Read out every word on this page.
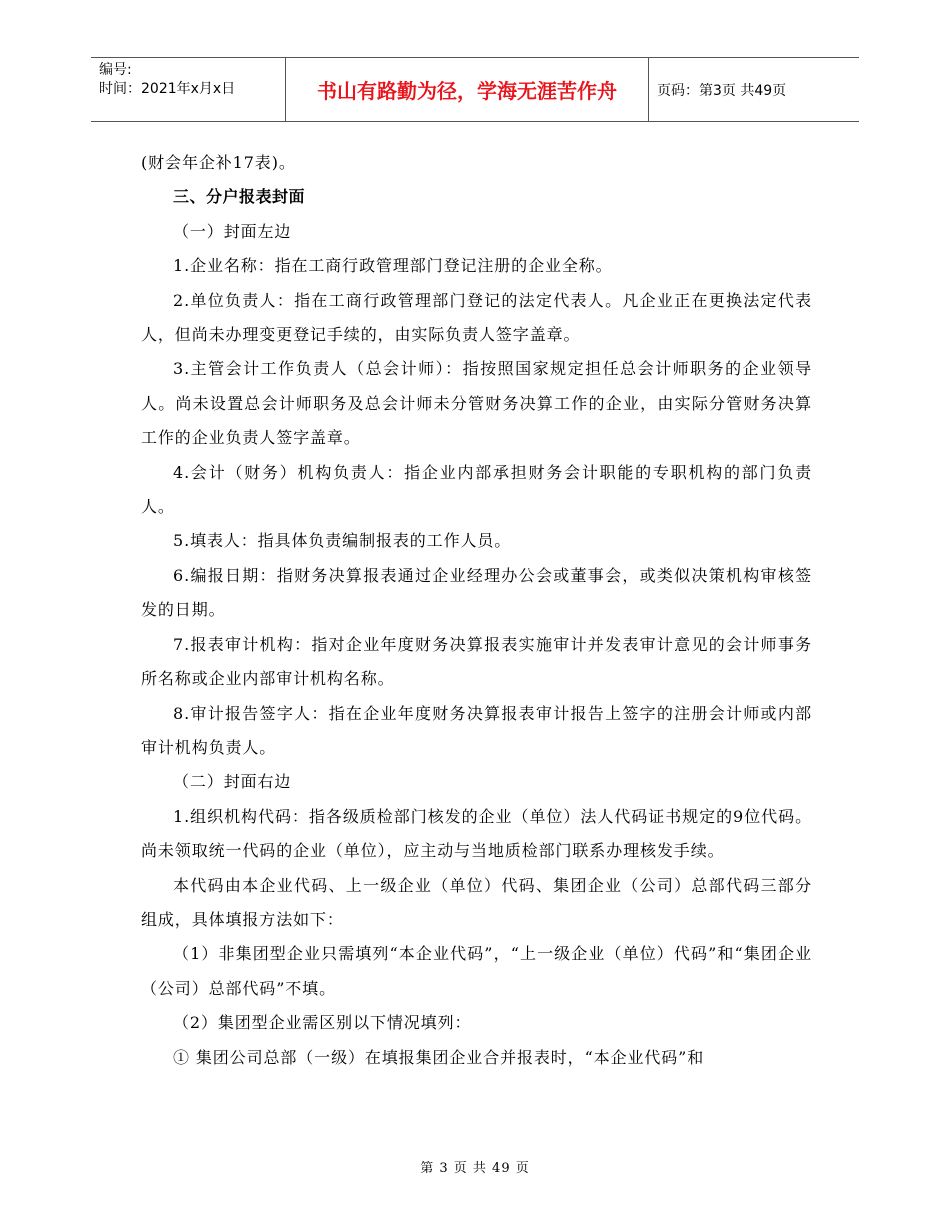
编号:
时间：2021年x月x日	书山有路勤为径，学海无涯苦作舟	页码：第3页 共49页

(财会年企补17表)。

三、分户报表封面

（一）封面左边

1.企业名称：指在工商行政管理部门登记注册的企业全称。

2.单位负责人：指在工商行政管理部门登记的法定代表人。凡企业正在更换法定代表人，但尚未办理变更登记手续的，由实际负责人签字盖章。

3.主管会计工作负责人（总会计师）：指按照国家规定担任总会计师职务的企业领导人。尚未设置总会计师职务及总会计师未分管财务决算工作的企业，由实际分管财务决算工作的企业负责人签字盖章。

4.会计（财务）机构负责人：指企业内部承担财务会计职能的专职机构的部门负责人。

5.填表人：指具体负责编制报表的工作人员。

6.编报日期：指财务决算报表通过企业经理办公会或董事会，或类似决策机构审核签发的日期。

7.报表审计机构：指对企业年度财务决算报表实施审计并发表审计意见的会计师事务所名称或企业内部审计机构名称。

8.审计报告签字人：指在企业年度财务决算报表审计报告上签字的注册会计师或内部审计机构负责人。

（二）封面右边

1.组织机构代码：指各级质检部门核发的企业（单位）法人代码证书规定的9位代码。尚未领取统一代码的企业（单位），应主动与当地质检部门联系办理核发手续。

本代码由本企业代码、上一级企业（单位）代码、集团企业（公司）总部代码三部分组成，具体填报方法如下：

（1）非集团型企业只需填列“本企业代码”，“上一级企业（单位）代码”和“集团企业（公司）总部代码”不填。

（2）集团型企业需区别以下情况填列：

① 集团公司总部（一级）在填报集团企业合并报表时，“本企业代码”和

第 3 页 共 49 页
